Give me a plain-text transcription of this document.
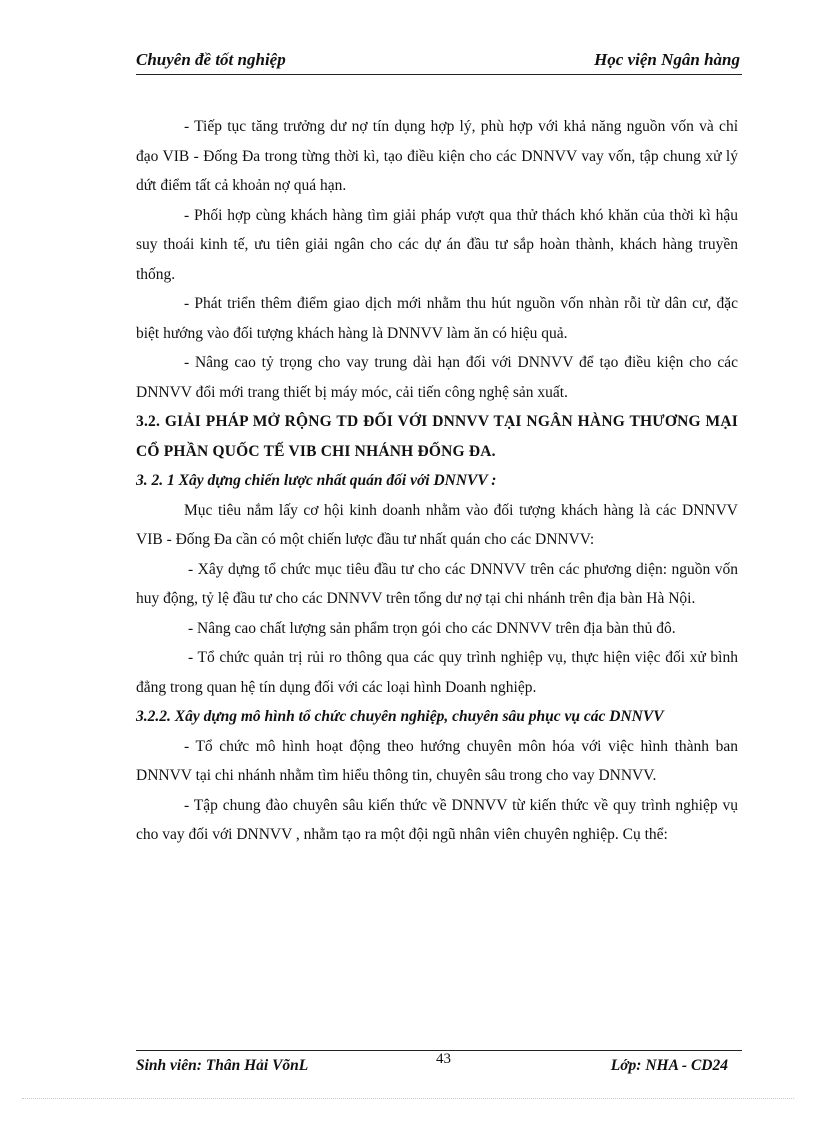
Chuyên đề tốt nghiệp	Học viện Ngân hàng

- Tiếp tục tăng trưởng dư nợ tín dụng hợp lý, phù hợp với khả năng nguồn vốn và chỉ đạo VIB - Đống Đa trong từng thời kì, tạo điều kiện cho các DNNVV vay vốn, tập chung xử lý dứt điểm tất cả khoản nợ quá hạn.

- Phối hợp cùng khách hàng tìm giải pháp vượt qua thử thách khó khăn của thời kì hậu suy thoái kinh tế, ưu tiên giải ngân cho các dự án đầu tư sắp hoàn thành, khách hàng truyền thống.

- Phát triển thêm điểm giao dịch mới nhằm thu hút nguồn vốn nhàn rỗi từ dân cư, đặc biệt hướng vào đối tượng khách hàng là DNNVV làm ăn có hiệu quả.

- Nâng cao tỷ trọng cho vay trung dài hạn đối với DNNVV để tạo điều kiện cho các DNNVV đổi mới trang thiết bị máy móc, cải tiến công nghệ sản xuất.

3.2. GIẢI PHÁP MỞ RỘNG TD ĐỐI VỚI DNNVV TẠI NGÂN HÀNG THƯƠNG MẠI CỔ PHẦN QUỐC TẾ VIB CHI NHÁNH ĐỐNG ĐA.

3. 2. 1 Xây dựng chiến lược nhất quán đối với DNNVV :

Mục tiêu nắm lấy cơ hội kinh doanh nhằm vào đối tượng khách hàng là các DNNVV VIB - Đống Đa cần có một chiến lược đầu tư nhất quán cho các DNNVV:

- Xây dựng tổ chức mục tiêu đầu tư cho các DNNVV trên các phương diện: nguồn vốn huy động, tỷ lệ đầu tư cho các DNNVV trên tổng dư nợ tại chi nhánh trên địa bàn Hà Nội.

- Nâng cao chất lượng sản phẩm trọn gói cho các DNNVV trên địa bàn thủ đô.

- Tổ chức quản trị rủi ro thông qua các quy trình nghiệp vụ, thực hiện việc đối xử bình đẳng trong quan hệ tín dụng đối với các loại hình Doanh nghiệp.

3.2.2. Xây dựng mô hình tổ chức chuyên nghiệp, chuyên sâu phục vụ các DNNVV

- Tổ chức mô hình hoạt động theo hướng chuyên môn hóa với việc hình thành ban DNNVV tại chi nhánh nhằm tìm hiểu thông tin, chuyên sâu trong cho vay DNNVV.

- Tập chung đào chuyên sâu kiến thức về DNNVV từ kiến thức về quy trình nghiệp vụ cho vay đối với DNNVV , nhằm tạo ra một đội ngũ nhân viên chuyên nghiệp. Cụ thể:

Sinh viên: Thân Hải VõnL	43	Lớp: NHA - CD24
